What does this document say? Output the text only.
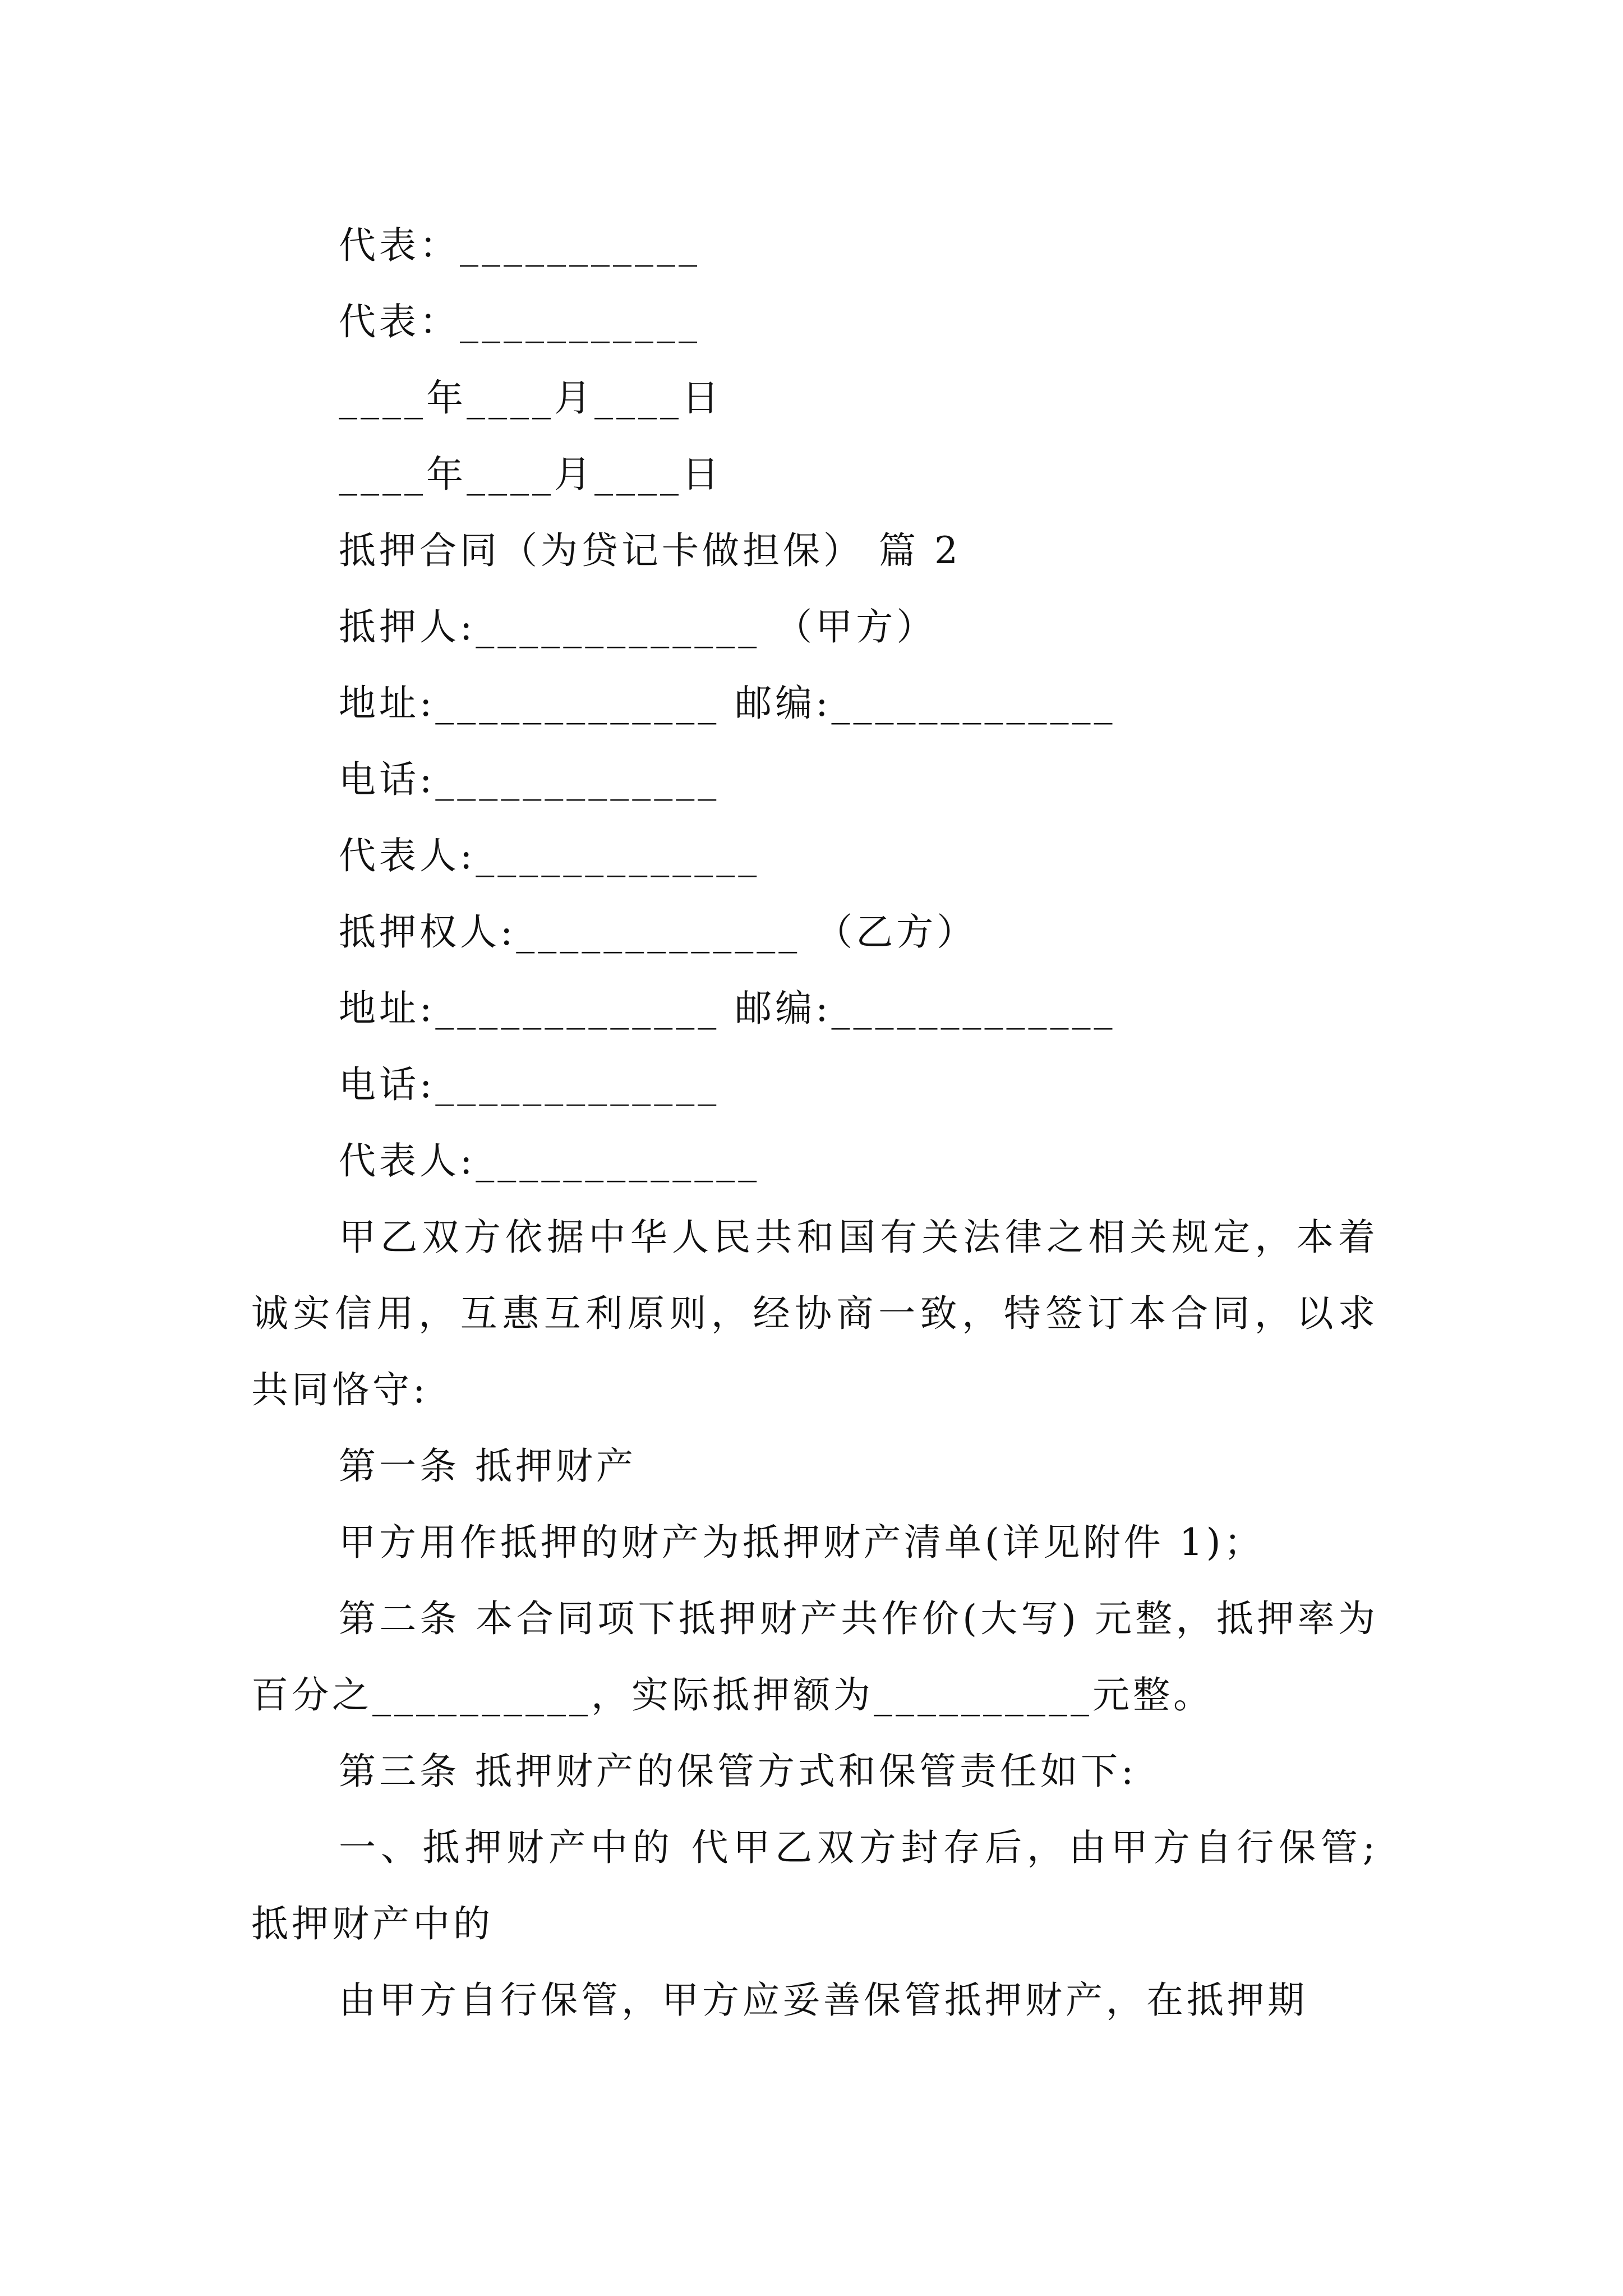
代表：___________
代表：___________
____年____月____日
____年____月____日
抵押合同（为贷记卡做担保） 篇 2
抵押人:_____________ （甲方）
地址:_____________ 邮编:_____________
电话:_____________
代表人:_____________
抵押权人:_____________ （乙方）
地址:_____________ 邮编:_____________
电话:_____________
代表人:_____________
甲乙双方依据中华人民共和国有关法律之相关规定，本着诚实信用，互惠互利原则，经协商一致，特签订本合同，以求共同恪守:
第一条 抵押财产
甲方用作抵押的财产为抵押财产清单(详见附件 1)；
第二条 本合同项下抵押财产共作价(大写) 元整，抵押率为百分之__________，实际抵押额为__________元整。
第三条 抵押财产的保管方式和保管责任如下:
一、抵押财产中的 代甲乙双方封存后，由甲方自行保管;抵押财产中的
由甲方自行保管，甲方应妥善保管抵押财产，在抵押期
